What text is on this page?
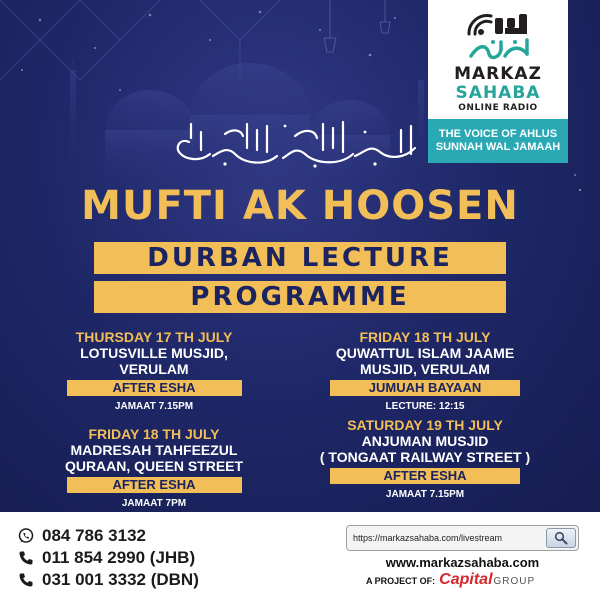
MUFTI AK HOOSEN
DURBAN LECTURE
PROGRAMME
THURSDAY 17 TH JULY
LOTUSVILLE MUSJID,
VERULAM
AFTER ESHA
JAMAAT 7.15PM
FRIDAY 18 TH JULY
QUWATTUL ISLAM JAAME
MUSJID, VERULAM
JUMUAH BAYAAN
LECTURE: 12:15
FRIDAY 18 TH JULY
MADRESAH TAHFEEZUL
QURAAN, QUEEN STREET
AFTER ESHA
JAMAAT 7PM
SATURDAY 19 TH JULY
ANJUMAN MUSJID
( TONGAAT RAILWAY STREET )
AFTER ESHA
JAMAAT 7.15PM
MARKAZ
SAHABA
ONLINE RADIO
THE VOICE OF AHLUS
SUNNAH WAL JAMAAH
084 786 3132
011 854 2990 (JHB)
031 001 3332 (DBN)
https://markazsahaba.com/livestream
www.markazsahaba.com
A PROJECT OF: Capital GROUP
